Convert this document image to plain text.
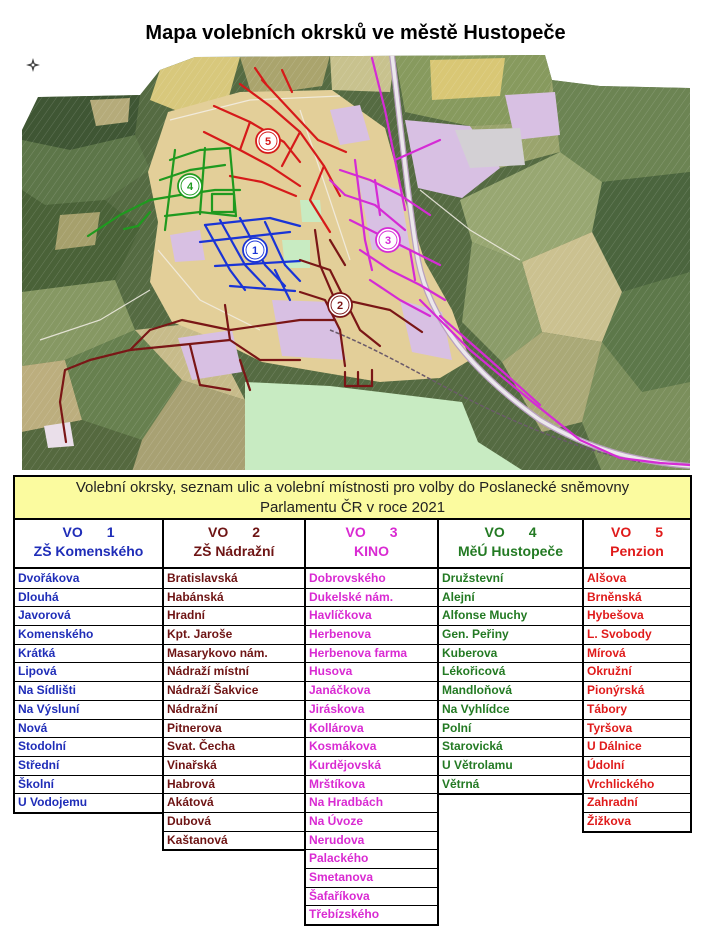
1
2
3
4
5
Mapa volebních okrsků ve městě Hustopeče
Volební okrsky, seznam ulic a volební místnosti pro volby do Poslanecké sněmovny
Parlamentu ČR v roce 2021
VO 1
ZŠ Komenského
Dvořákova
Dlouhá
Javorová
Komenského
Krátká
Lipová
Na Sídlišti
Na Výsluní
Nová
Stodolní
Střední
Školní
U Vodojemu
VO 2
ZŠ Nádražní
Bratislavská
Habánská
Hradní
Kpt. Jaroše
Masarykovo nám.
Nádraží místní
Nádraží Šakvice
Nádražní
Pitnerova
Svat. Čecha
Vinařská
Habrová
Akátová
Dubová
Kaštanová
VO 3
KINO
Dobrovského
Dukelské nám.
Havlíčkova
Herbenova
Herbenova farma
Husova
Janáčkova
Jiráskova
Kollárova
Kosmákova
Kurdějovská
Mrštíkova
Na Hradbách
Na Úvoze
Nerudova
Palackého
Smetanova
Šafaříkova
Třebízského
VO 4
MěÚ Hustopeče
Družstevní
Alejní
Alfonse Muchy
Gen. Peřiny
Kuberova
Lékořicová
Mandloňová
Na Vyhlídce
Polní
Starovická
U Větrolamu
Větrná
VO 5
Penzion
Alšova
Brněnská
Hybešova
L. Svobody
Mírová
Okružní
Pionýrská
Tábory
Tyršova
U Dálnice
Údolní
Vrchlického
Zahradní
Žižkova
